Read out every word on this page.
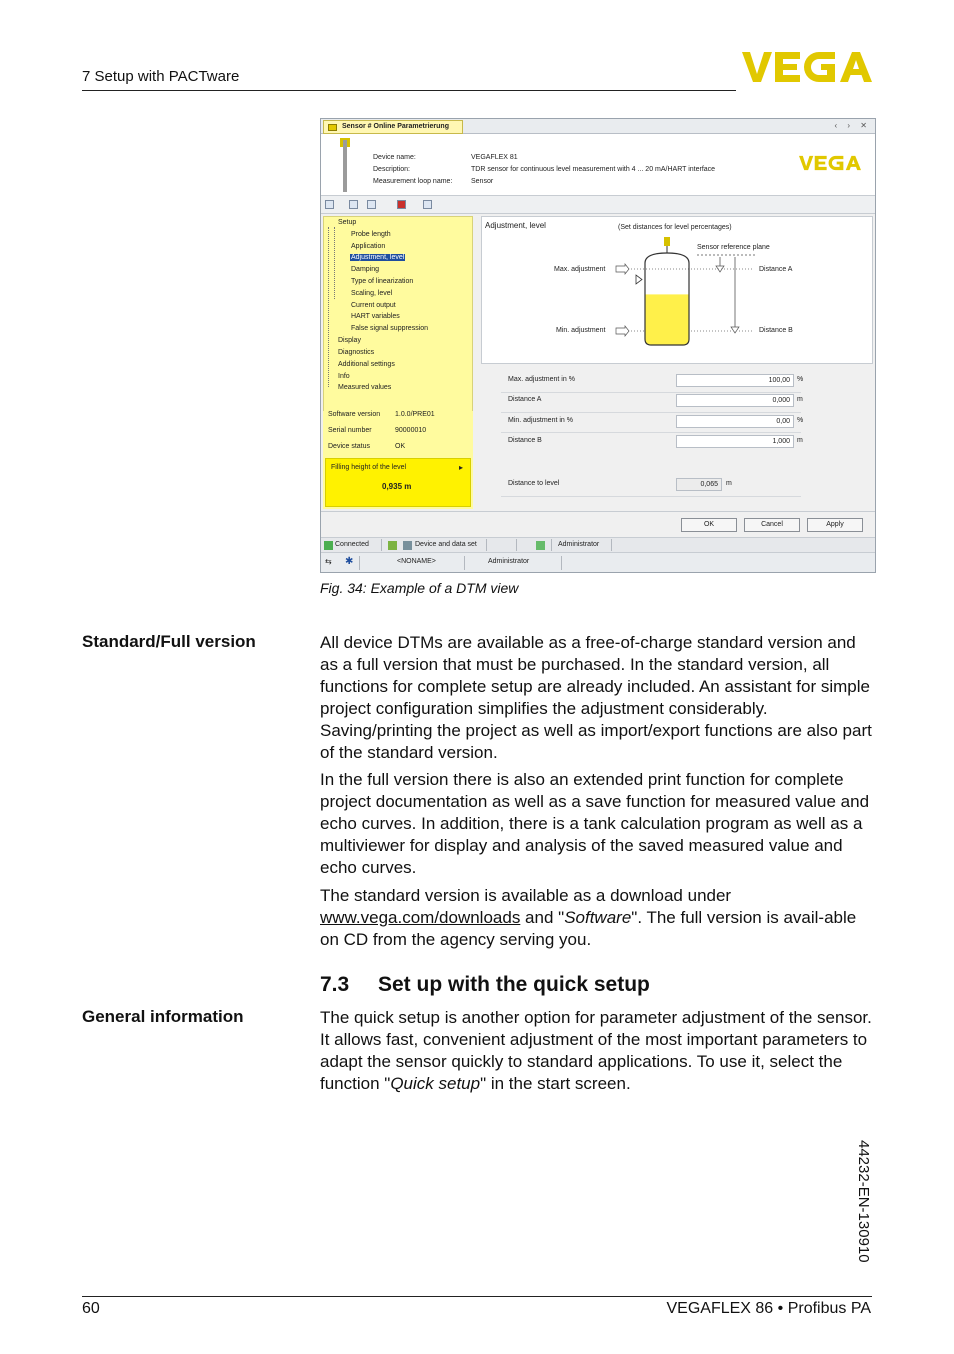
7 Setup with PACTware
Sensor # Online Parametrierung	‹ › ✕
Device name:	VEGAFLEX 81
Description:	TDR sensor for continuous level measurement with 4 ... 20 mA/HART interface
Measurement loop name:	Sensor
Setup
Probe length
Application
Adjustment, level
Damping
Type of linearization
Scaling, level
Current output
HART variables
False signal suppression
Display
Diagnostics
Additional settings
Info
Measured values
Software version 1.0.0/PRE01
Serial number	90000010
Device status	OK
Filling height of the level	▸
0,935 m
Adjustment, level	(Set distances for level percentages)
Sensor reference plane
Max. adjustment
Min. adjustment
Distance A
Distance B
Max. adjustment in %	100,00	%
Distance A	0,000	m
Min. adjustment in %	0,00	%
Distance B	1,000	m
Distance to level	0,065	m
OK	Cancel	Apply
Connected	Device and data set	Administrator
⇆ ✱	<NONAME>	Administrator
Fig. 34: Example of a DTM view
Standard/Full version	All device DTMs are available as a free-of-charge standard version and as a full version that must be purchased. In the standard version, all functions for complete setup are already included. An assistant for simple project configuration simplifies the adjustment considerably. Saving/printing the project as well as import/export functions are also part of the standard version.
In the full version there is also an extended print function for complete project documentation as well as a save function for measured value and echo curves. In addition, there is a tank calculation program as well as a multiviewer for display and analysis of the saved measured value and echo curves.
The standard version is available as a download under
www.vega.com/downloads and "Software". The full version is avail-able on CD from the agency serving you.
7.3 Set up with the quick setup
General information	The quick setup is another option for parameter adjustment of the sensor. It allows fast, convenient adjustment of the most important parameters to adapt the sensor quickly to standard applications. To use it, select the function "Quick setup" in the start screen.
44232-EN-130910
60	VEGAFLEX 86 • Profibus PA
